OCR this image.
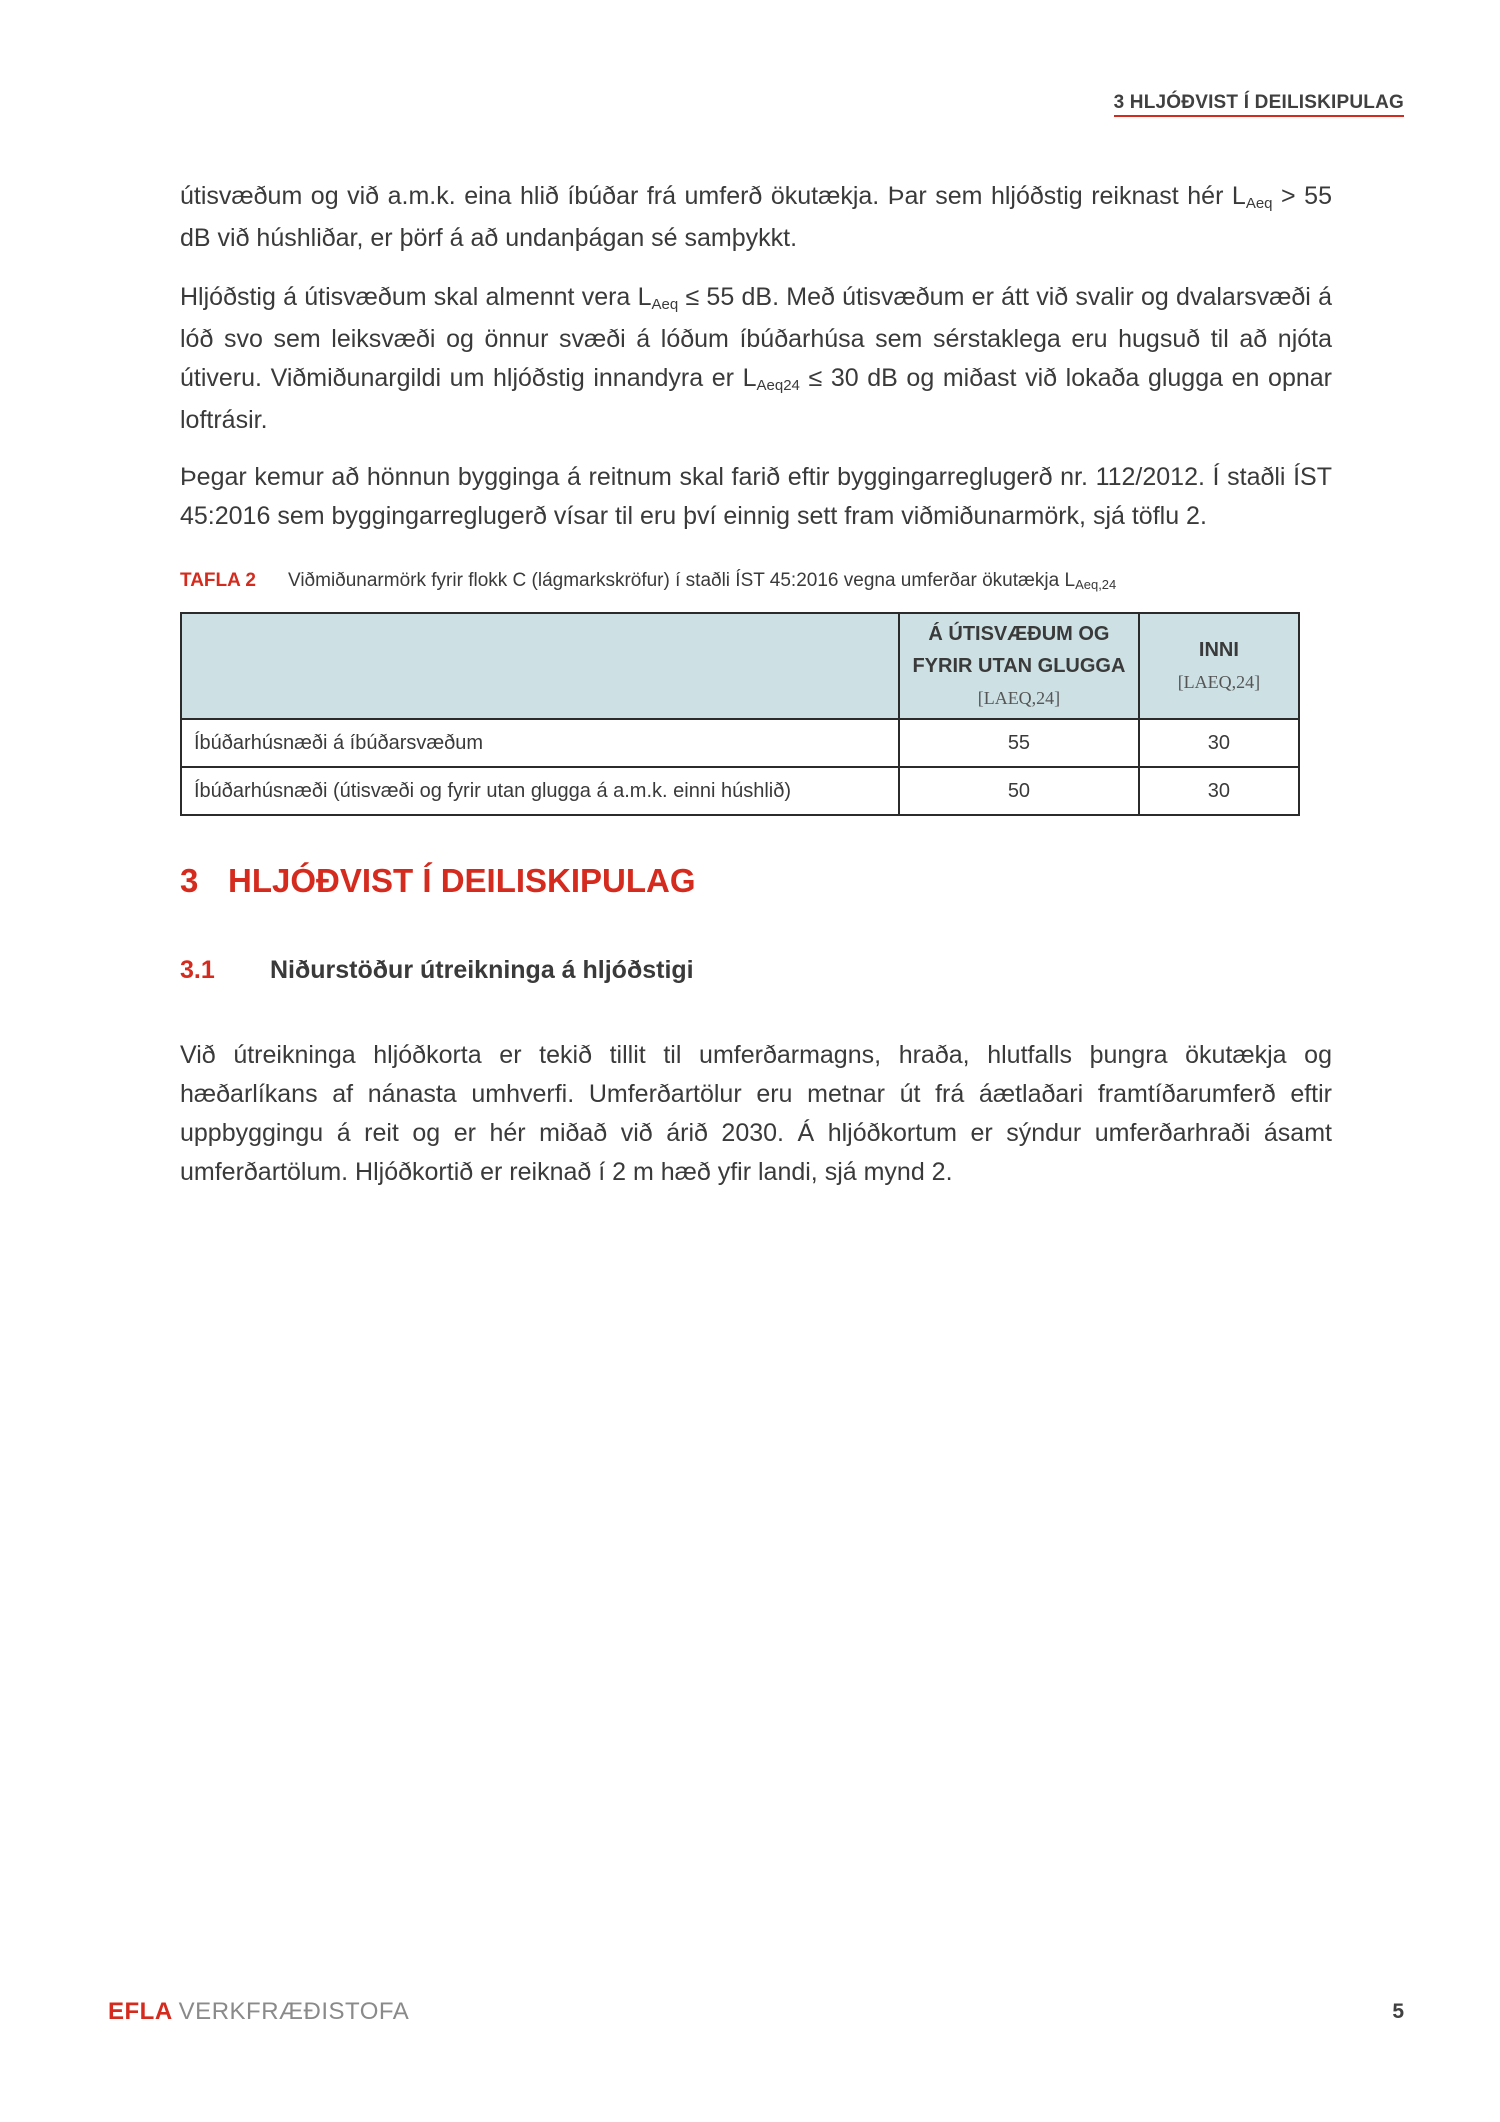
3 HLJÓÐVIST Í DEILISKIPULAG

útisvæðum og við a.m.k. eina hlið íbúðar frá umferð ökutækja. Þar sem hljóðstig reiknast hér LAeq > 55 dB við húshliðar, er þörf á að undanþágan sé samþykkt.

Hljóðstig á útisvæðum skal almennt vera LAeq ≤ 55 dB. Með útisvæðum er átt við svalir og dvalarsvæði á lóð svo sem leiksvæði og önnur svæði á lóðum íbúðarhúsa sem sérstaklega eru hugsuð til að njóta útiveru. Viðmiðunargildi um hljóðstig innandyra er LAeq24 ≤ 30 dB og miðast við lokaða glugga en opnar loftrásir.

Þegar kemur að hönnun bygginga á reitnum skal farið eftir byggingarreglugerð nr. 112/2012. Í staðli ÍST 45:2016 sem byggingarreglugerð vísar til eru því einnig sett fram viðmiðunarmörk, sjá töflu 2.

TAFLA 2 Viðmiðunarmörk fyrir flokk C (lágmarkskröfur) í staðli ÍST 45:2016 vegna umferðar ökutækja LAeq,24
	Á ÚTISVÆÐUM OG
FYRIR UTAN GLUGGA
[LAEQ,24]	INNI
[LAEQ,24]

Íbúðarhúsnæði á íbúðarsvæðum	55	30
Íbúðarhúsnæði (útisvæði og fyrir utan glugga á a.m.k. einni húshlið)	50	30
3 HLJÓÐVIST Í DEILISKIPULAG
3.1 Niðurstöður útreikninga á hljóðstigi

Við útreikninga hljóðkorta er tekið tillit til umferðarmagns, hraða, hlutfalls þungra ökutækja og hæðarlíkans af nánasta umhverfi. Umferðartölur eru metnar út frá áætlaðari framtíðarumferð eftir uppbyggingu á reit og er hér miðað við árið 2030. Á hljóðkortum er sýndur umferðarhraði ásamt umferðartölum. Hljóðkortið er reiknað í 2 m hæð yfir landi, sjá mynd 2.

EFLA VERKFRÆÐISTOFA	5
